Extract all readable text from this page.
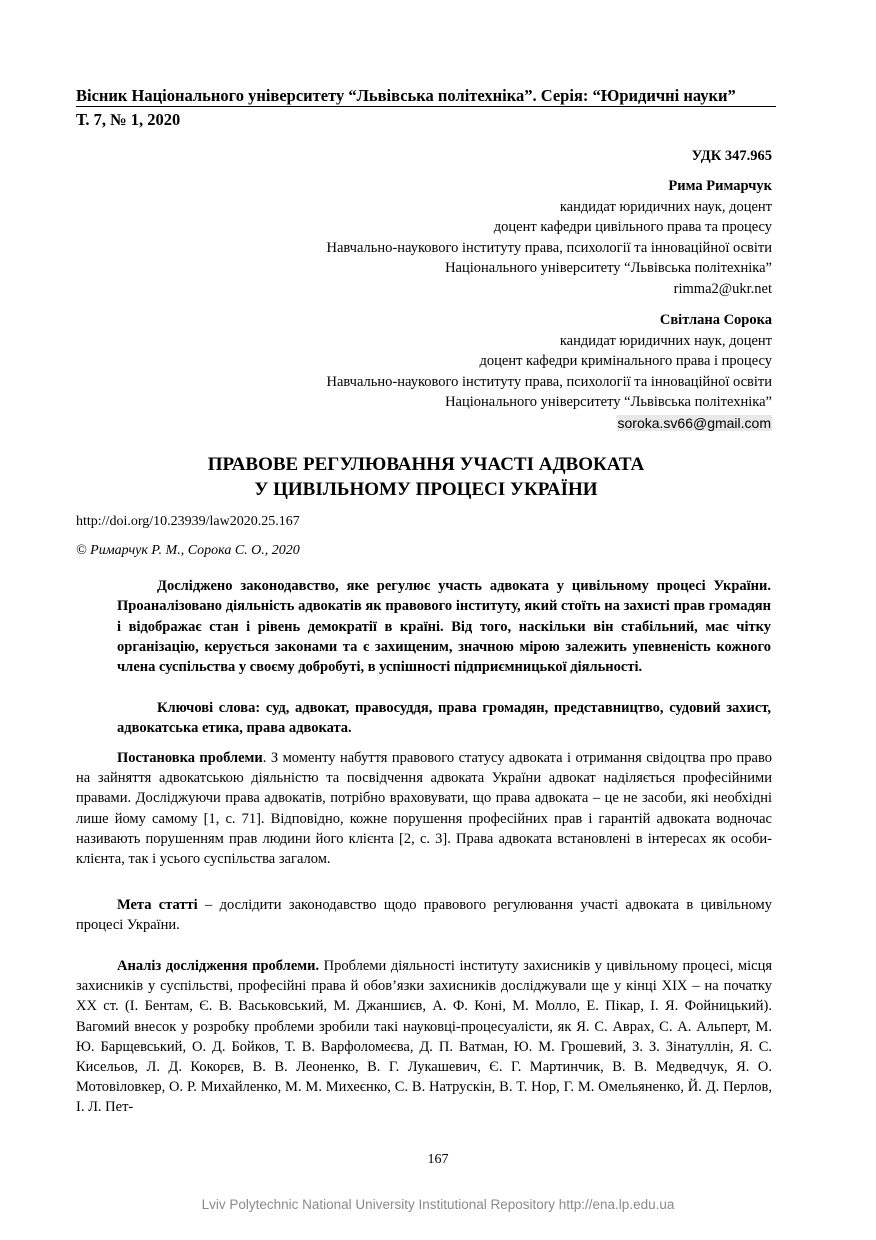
Вісник Національного університету “Львівська політехніка”. Серія: “Юридичні науки”
Т. 7, № 1, 2020
УДК 347.965
Рима Римарчук
кандидат юридичних наук, доцент
доцент кафедри цивільного права та процесу
Навчально-наукового інституту права, психології та інноваційної освіти
Національного університету “Львівська політехніка”
rimma2@ukr.net
Світлана Сорока
кандидат юридичних наук, доцент
доцент кафедри кримінального права і процесу
Навчально-наукового інституту права, психології та інноваційної освіти
Національного університету “Львівська політехніка”
soroka.sv66@gmail.com
ПРАВОВЕ РЕГУЛЮВАННЯ УЧАСТІ АДВОКАТА
У ЦИВІЛЬНОМУ ПРОЦЕСІ УКРАЇНИ
http://doi.org/10.23939/law2020.25.167
© Римарчук Р. М., Сорока С. О., 2020
Досліджено законодавство, яке регулює участь адвоката у цивільному процесі України. Проаналізовано діяльність адвокатів як правового інституту, який стоїть на захисті прав громадян і відображає стан і рівень демократії в країні. Від того, наскільки він стабільний, має чітку організацію, керується законами та є захищеним, значною мірою залежить упевненість кожного члена суспільства у своєму добробуті, в успішності підприємницької діяльності.
Ключові слова: суд, адвокат, правосуддя, права громадян, представництво, судовий захист, адвокатська етика, права адвоката.
Постановка проблеми. З моменту набуття правового статусу адвоката і отримання свідоцтва про право на зайняття адвокатською діяльністю та посвідчення адвоката України адвокат наділяється професійними правами. Досліджуючи права адвокатів, потрібно враховувати, що права адвоката – це не засоби, які необхідні лише йому самому [1, с. 71]. Відповідно, кожне порушення професійних прав і гарантій адвоката водночас називають порушенням прав людини його клієнта [2, с. 3]. Права адвоката встановлені в інтересах як особи-клієнта, так і усього суспільства загалом.
Мета статті – дослідити законодавство щодо правового регулювання участі адвоката в цивільному процесі України.
Аналіз дослідження проблеми. Проблеми діяльності інституту захисників у цивільному процесі, місця захисників у суспільстві, професійні права й обов’язки захисників досліджували ще у кінці ХІХ – на початку ХХ ст. (І. Бентам, Є. В. Васьковський, М. Джаншиєв, А. Ф. Коні, М. Молло, Е. Пікар, І. Я. Фойницький). Вагомий внесок у розробку проблеми зробили такі науковці-процесуалісти, як Я. С. Аврах, С. А. Альперт, М. Ю. Барщевський, О. Д. Бойков, Т. В. Варфоломеєва, Д. П. Ватман, Ю. М. Грошевий, З. З. Зінатуллін, Я. С. Кисельов, Л. Д. Кокорєв, В. В. Леоненко, В. Г. Лукашевич, Є. Г. Мартинчик, В. В. Медведчук, Я. О. Мотовіловкер, О. Р. Михайленко, М. М. Михеєнко, С. В. Натрускін, В. Т. Нор, Г. М. Омельяненко, Й. Д. Перлов, І. Л. Пет-
167
Lviv Polytechnic National University Institutional Repository http://ena.lp.edu.ua
